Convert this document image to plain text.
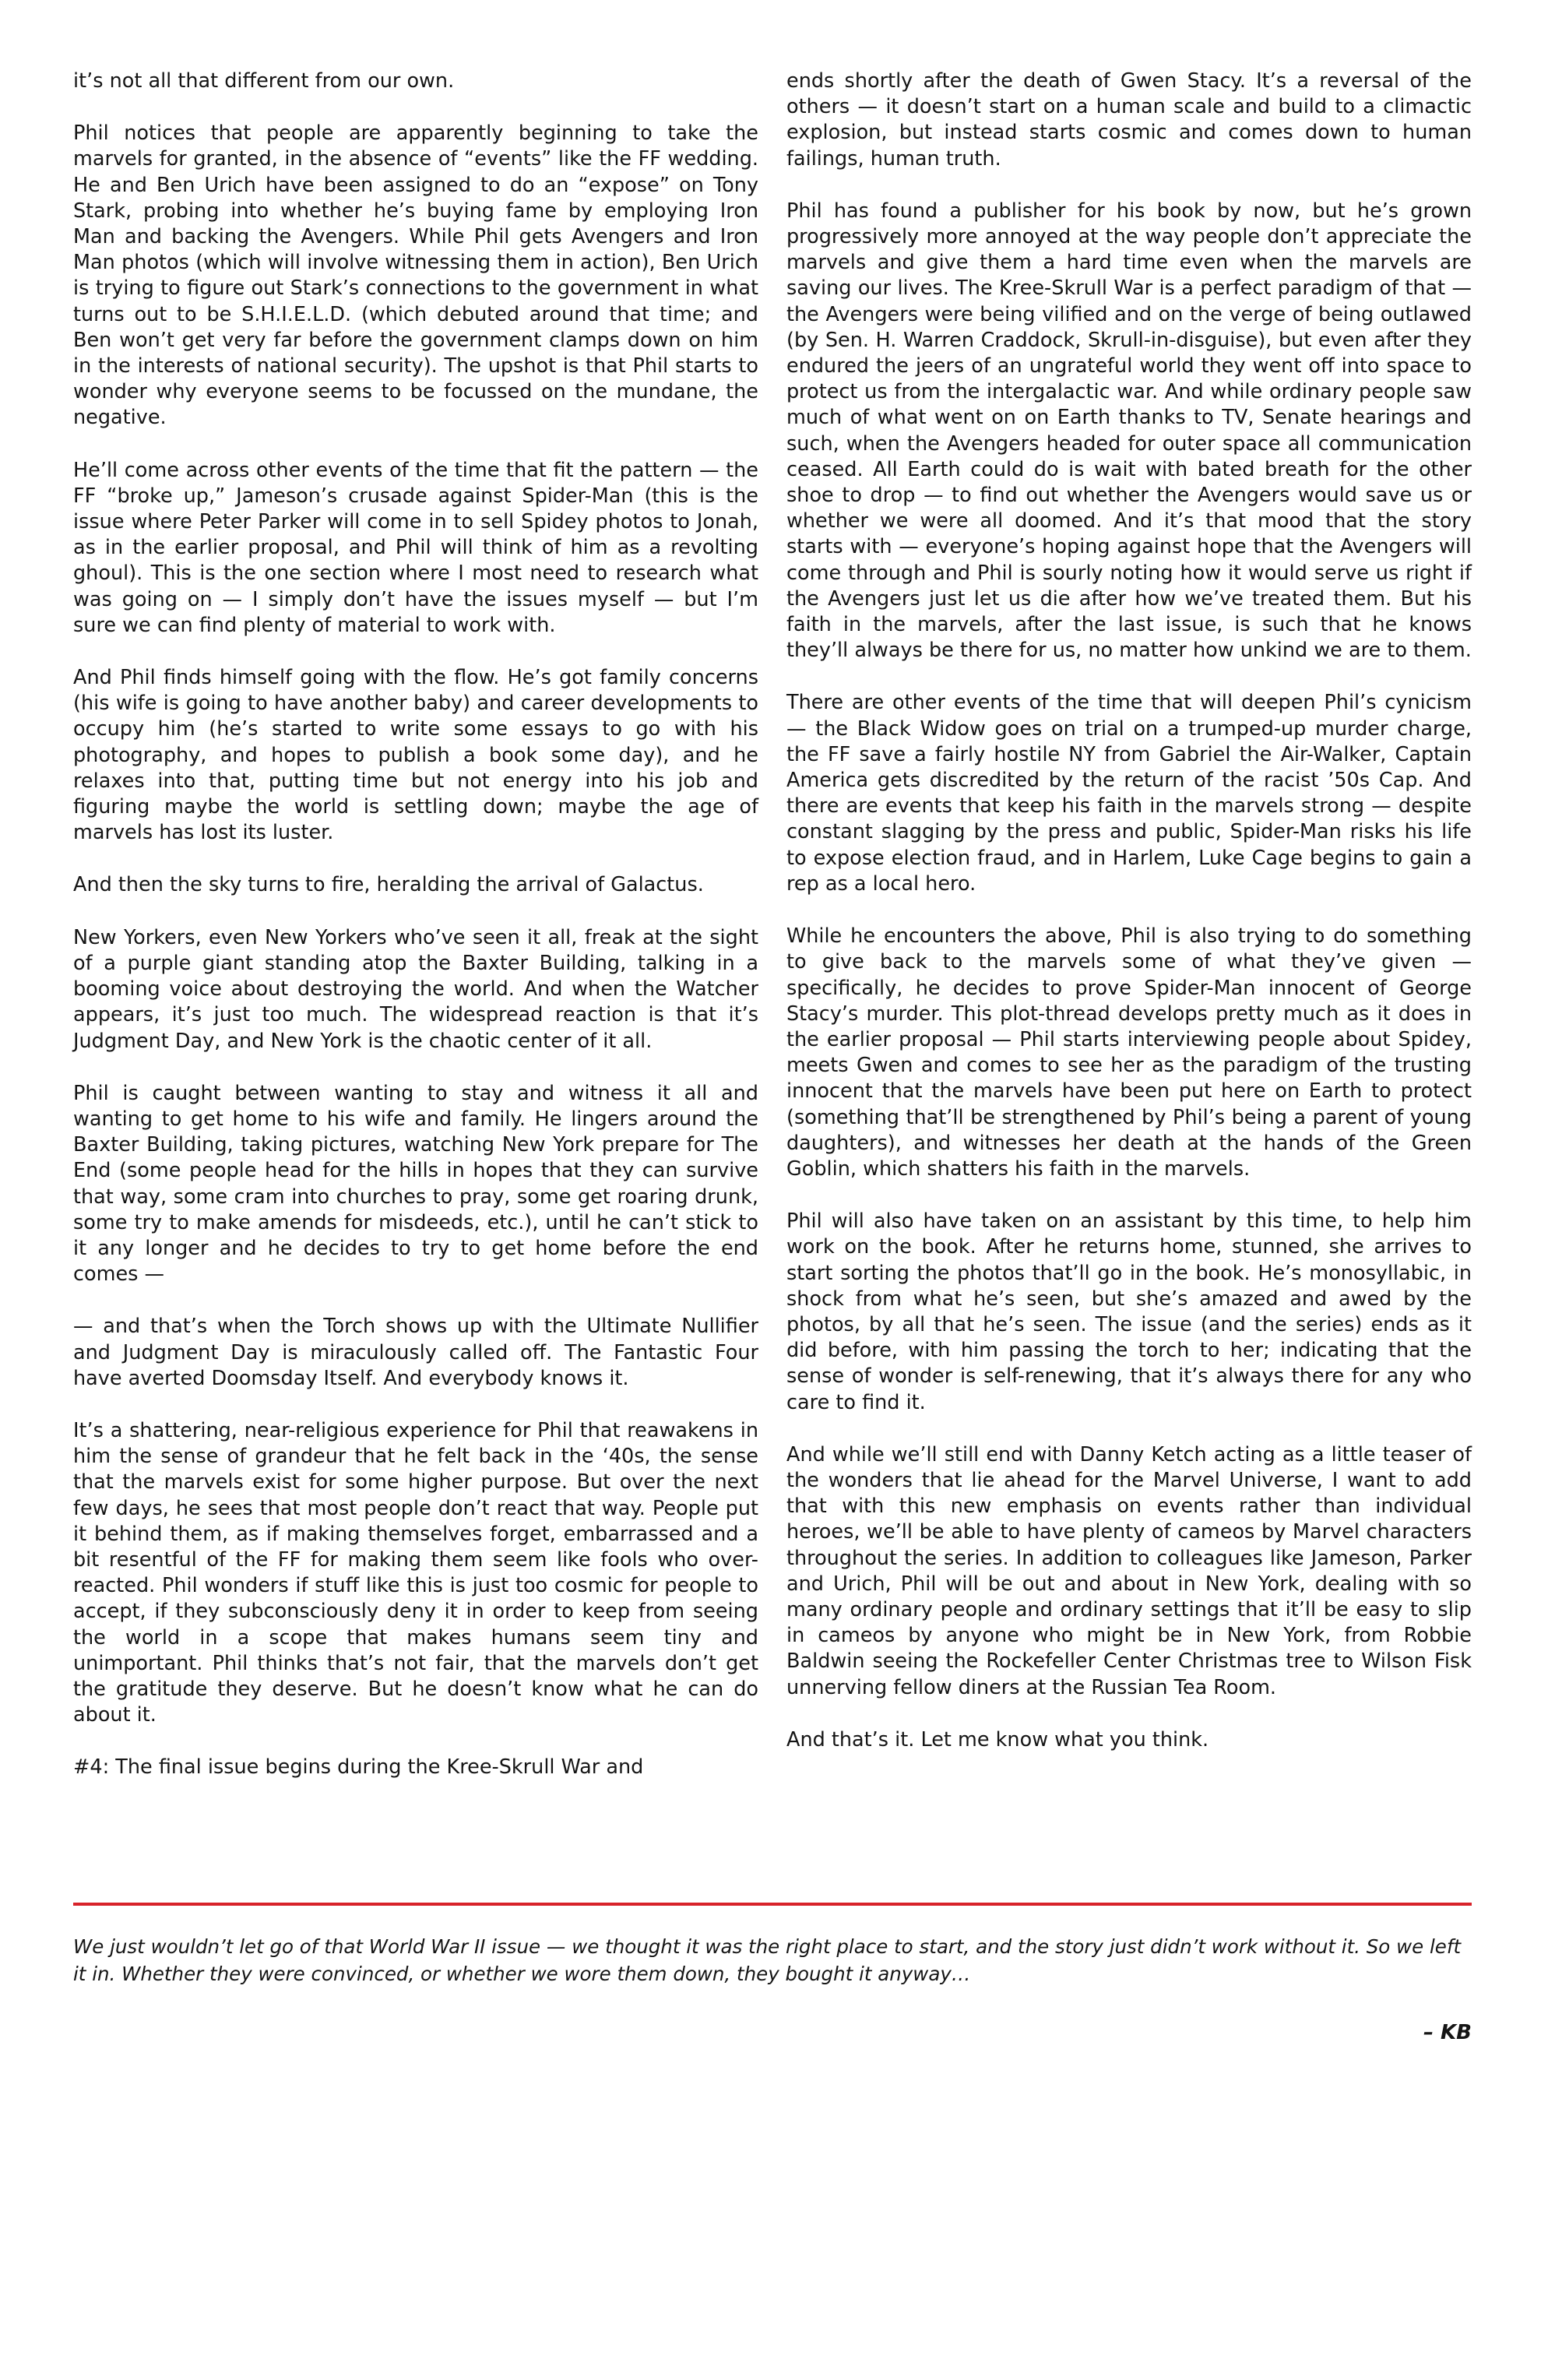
it’s not all that different from our own.

Phil notices that people are apparently beginning to take the marvels for granted, in the absence of “events” like the FF wedding. He and Ben Urich have been assigned to do an “expose” on Tony Stark, probing into whether he’s buying fame by employing Iron Man and backing the Avengers. While Phil gets Avengers and Iron Man photos (which will involve witnessing them in action), Ben Urich is trying to figure out Stark’s connections to the government in what turns out to be S.H.I.E.L.D. (which debuted around that time; and Ben won’t get very far before the government clamps down on him in the interests of national security). The upshot is that Phil starts to wonder why everyone seems to be focussed on the mundane, the negative.

He’ll come across other events of the time that fit the pattern — the FF “broke up,” Jameson’s crusade against Spider-Man (this is the issue where Peter Parker will come in to sell Spidey photos to Jonah, as in the earlier proposal, and Phil will think of him as a revolting ghoul). This is the one section where I most need to research what was going on — I simply don’t have the issues myself — but I’m sure we can find plenty of material to work with.

And Phil finds himself going with the flow. He’s got family concerns (his wife is going to have another baby) and career developments to occupy him (he’s started to write some essays to go with his photography, and hopes to publish a book some day), and he relaxes into that, putting time but not energy into his job and figuring maybe the world is settling down; maybe the age of marvels has lost its luster.

And then the sky turns to fire, heralding the arrival of Galactus.

New Yorkers, even New Yorkers who’ve seen it all, freak at the sight of a purple giant standing atop the Baxter Building, talking in a booming voice about destroying the world. And when the Watcher appears, it’s just too much. The widespread reaction is that it’s Judgment Day, and New York is the chaotic center of it all.

Phil is caught between wanting to stay and witness it all and wanting to get home to his wife and family. He lingers around the Baxter Building, taking pictures, watching New York prepare for The End (some people head for the hills in hopes that they can survive that way, some cram into churches to pray, some get roaring drunk, some try to make amends for misdeeds, etc.), until he can’t stick to it any longer and he decides to try to get home before the end comes —

— and that’s when the Torch shows up with the Ultimate Nullifier and Judgment Day is miraculously called off. The Fantastic Four have averted Doomsday Itself. And everybody knows it.

It’s a shattering, near-religious experience for Phil that reawakens in him the sense of grandeur that he felt back in the ‘40s, the sense that the marvels exist for some higher purpose. But over the next few days, he sees that most people don’t react that way. People put it behind them, as if making themselves forget, embarrassed and a bit resentful of the FF for making them seem like fools who over-reacted. Phil wonders if stuff like this is just too cosmic for people to accept, if they subconsciously deny it in order to keep from seeing the world in a scope that makes humans seem tiny and unimportant. Phil thinks that’s not fair, that the marvels don’t get the gratitude they deserve. But he doesn’t know what he can do about it.

#4: The final issue begins during the Kree-Skrull War and

ends shortly after the death of Gwen Stacy. It’s a reversal of the others — it doesn’t start on a human scale and build to a climactic explosion, but instead starts cosmic and comes down to human failings, human truth.

Phil has found a publisher for his book by now, but he’s grown progressively more annoyed at the way people don’t appreciate the marvels and give them a hard time even when the marvels are saving our lives. The Kree-Skrull War is a perfect paradigm of that — the Avengers were being vilified and on the verge of being outlawed (by Sen. H. Warren Craddock, Skrull-in-disguise), but even after they endured the jeers of an ungrateful world they went off into space to protect us from the intergalactic war. And while ordinary people saw much of what went on on Earth thanks to TV, Senate hearings and such, when the Avengers headed for outer space all communication ceased. All Earth could do is wait with bated breath for the other shoe to drop — to find out whether the Avengers would save us or whether we were all doomed. And it’s that mood that the story starts with — everyone’s hoping against hope that the Avengers will come through and Phil is sourly noting how it would serve us right if the Avengers just let us die after how we’ve treated them. But his faith in the marvels, after the last issue, is such that he knows they’ll always be there for us, no matter how unkind we are to them.

There are other events of the time that will deepen Phil’s cynicism — the Black Widow goes on trial on a trumped-up murder charge, the FF save a fairly hostile NY from Gabriel the Air-Walker, Captain America gets discredited by the return of the racist ’50s Cap. And there are events that keep his faith in the marvels strong — despite constant slagging by the press and public, Spider-Man risks his life to expose election fraud, and in Harlem, Luke Cage begins to gain a rep as a local hero.

While he encounters the above, Phil is also trying to do something to give back to the marvels some of what they’ve given — specifically, he decides to prove Spider-Man innocent of George Stacy’s murder. This plot-thread develops pretty much as it does in the earlier proposal — Phil starts interviewing people about Spidey, meets Gwen and comes to see her as the paradigm of the trusting innocent that the marvels have been put here on Earth to protect (something that’ll be strengthened by Phil’s being a parent of young daughters), and witnesses her death at the hands of the Green Goblin, which shatters his faith in the marvels.

Phil will also have taken on an assistant by this time, to help him work on the book. After he returns home, stunned, she arrives to start sorting the photos that’ll go in the book. He’s monosyllabic, in shock from what he’s seen, but she’s amazed and awed by the photos, by all that he’s seen. The issue (and the series) ends as it did before, with him passing the torch to her; indicating that the sense of wonder is self-renewing, that it’s always there for any who care to find it.

And while we’ll still end with Danny Ketch acting as a little teaser of the wonders that lie ahead for the Marvel Universe, I want to add that with this new emphasis on events rather than individual heroes, we’ll be able to have plenty of cameos by Marvel characters throughout the series. In addition to colleagues like Jameson, Parker and Urich, Phil will be out and about in New York, dealing with so many ordinary people and ordinary settings that it’ll be easy to slip in cameos by anyone who might be in New York, from Robbie Baldwin seeing the Rockefeller Center Christmas tree to Wilson Fisk unnerving fellow diners at the Russian Tea Room.

And that’s it. Let me know what you think.

We just wouldn’t let go of that World War II issue — we thought it was the right place to start, and the story just didn’t work without it. So we left it in. Whether they were convinced, or whether we wore them down, they bought it anyway…

– KB
